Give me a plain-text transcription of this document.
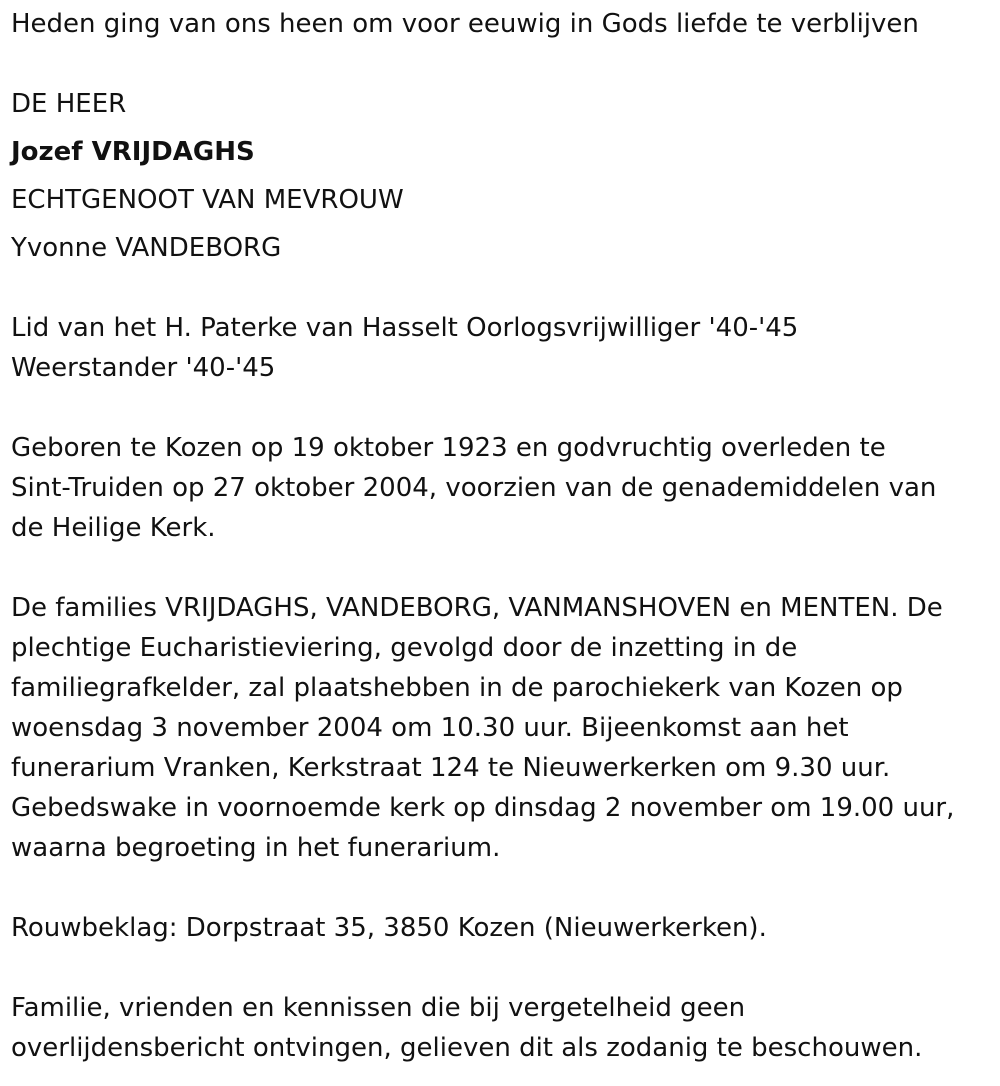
Heden ging van ons heen om voor eeuwig in Gods liefde te verblijven
DE HEER
Jozef VRIJDAGHS
ECHTGENOOT VAN MEVROUW
Yvonne VANDEBORG
Lid van het H. Paterke van Hasselt Oorlogsvrijwilliger '40-'45
Weerstander '40-'45
Geboren te Kozen op 19 oktober 1923 en godvruchtig overleden te
Sint-Truiden op 27 oktober 2004, voorzien van de genademiddelen van
de Heilige Kerk.
De families VRIJDAGHS, VANDEBORG, VANMANSHOVEN en MENTEN. De
plechtige Eucharistieviering, gevolgd door de inzetting in de
familiegrafkelder, zal plaatshebben in de parochiekerk van Kozen op
woensdag 3 november 2004 om 10.30 uur. Bijeenkomst aan het
funerarium Vranken, Kerkstraat 124 te Nieuwerkerken om 9.30 uur.
Gebedswake in voornoemde kerk op dinsdag 2 november om 19.00 uur,
waarna begroeting in het funerarium.
Rouwbeklag: Dorpstraat 35, 3850 Kozen (Nieuwerkerken).
Familie, vrienden en kennissen die bij vergetelheid geen
overlijdensbericht ontvingen, gelieven dit als zodanig te beschouwen.
